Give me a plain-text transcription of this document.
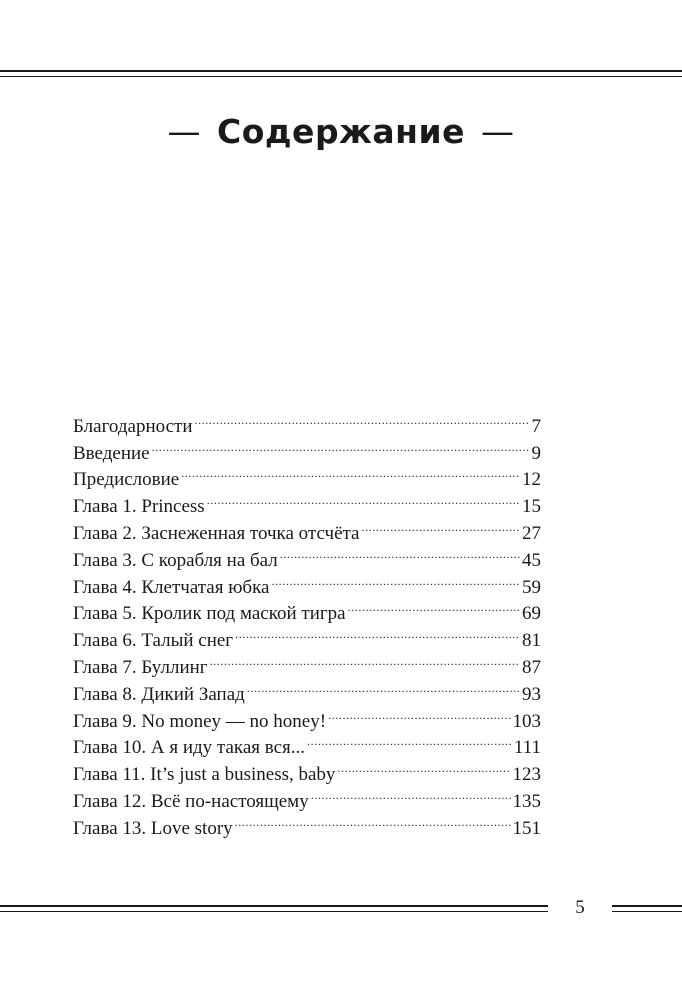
— Содержание —
Благодарности .....	7
Введение .....	9
Предисловие .....	12
Глава 1. Princess .....	15
Глава 2. Заснеженная точка отсчёта .....	27
Глава 3. С корабля на бал .....	45
Глава 4. Клетчатая юбка .....	59
Глава 5. Кролик под маской тигра .....	69
Глава 6. Талый снег .....	81
Глава 7. Буллинг .....	87
Глава 8. Дикий Запад .....	93
Глава 9. No money — no honey! .....	103
Глава 10. А я иду такая вся... .....	111
Глава 11. It’s just a business, baby .....	123
Глава 12. Всё по-настоящему .....	135
Глава 13. Love story .....	151
5
